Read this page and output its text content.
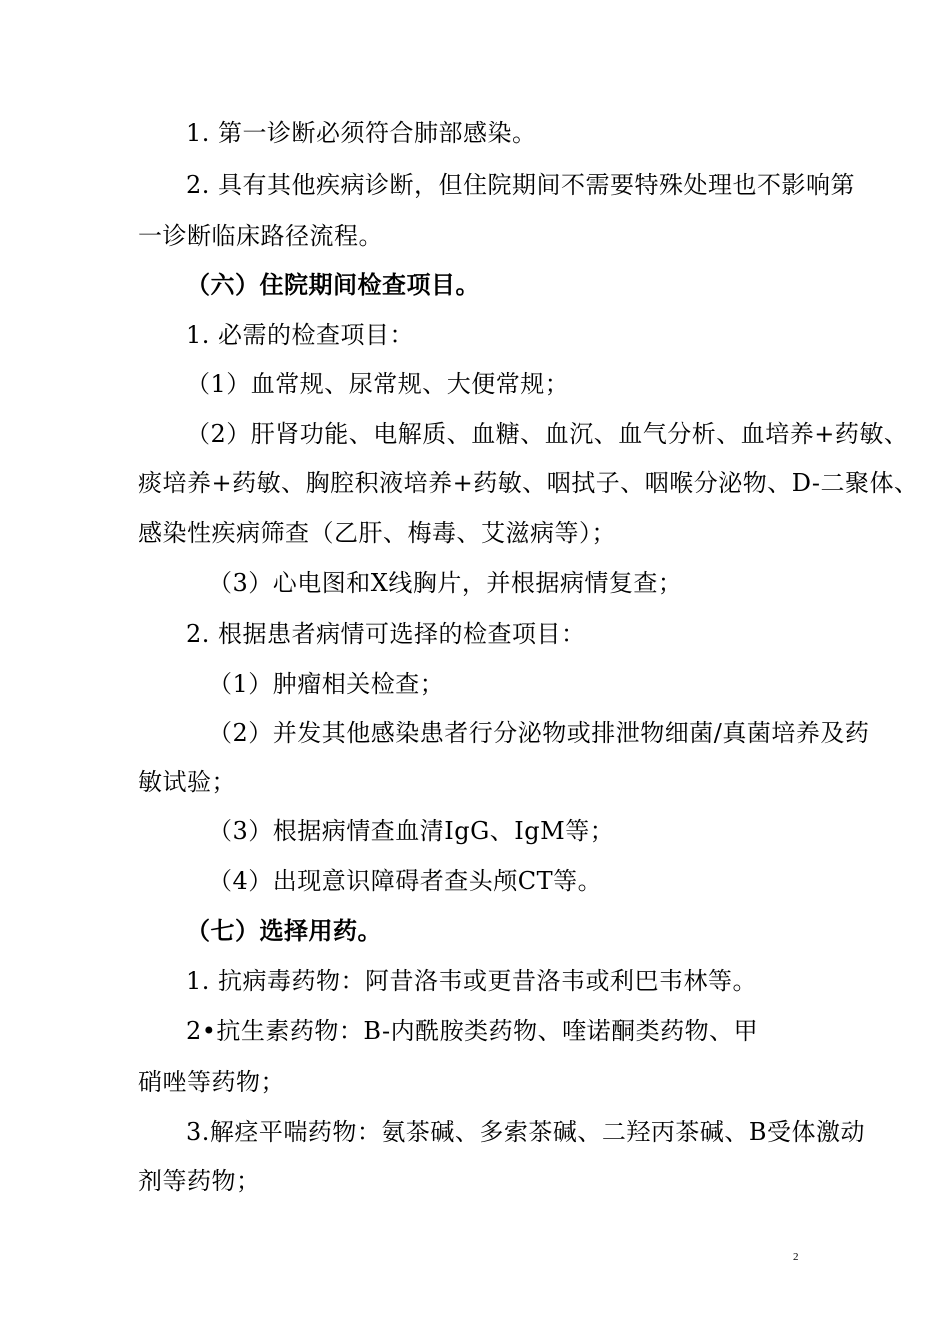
1. 第一诊断必须符合肺部感染。
2. 具有其他疾病诊断，但住院期间不需要特殊处理也不影响第
一诊断临床路径流程。
（六）住院期间检查项目。
1. 必需的检查项目：
（1）血常规、尿常规、大便常规；
（2）肝肾功能、电解质、血糖、血沉、血气分析、血培养+药敏、
痰培养+药敏、胸腔积液培养+药敏、咽拭子、咽喉分泌物、D-二聚体、
感染性疾病筛查（乙肝、梅毒、艾滋病等）；
（3）心电图和X线胸片，并根据病情复查；
2. 根据患者病情可选择的检查项目：
（1）肿瘤相关检查；
（2）并发其他感染患者行分泌物或排泄物细菌/真菌培养及药
敏试验；
（3）根据病情查血清IgG、IgM等；
（4）出现意识障碍者查头颅CT等。
（七）选择用药。
1. 抗病毒药物：阿昔洛韦或更昔洛韦或利巴韦林等。
2•抗生素药物：B-内酰胺类药物、喹诺酮类药物、甲
硝唑等药物；
3.解痉平喘药物：氨茶碱、多索茶碱、二羟丙茶碱、B受体激动
剂等药物；
2
